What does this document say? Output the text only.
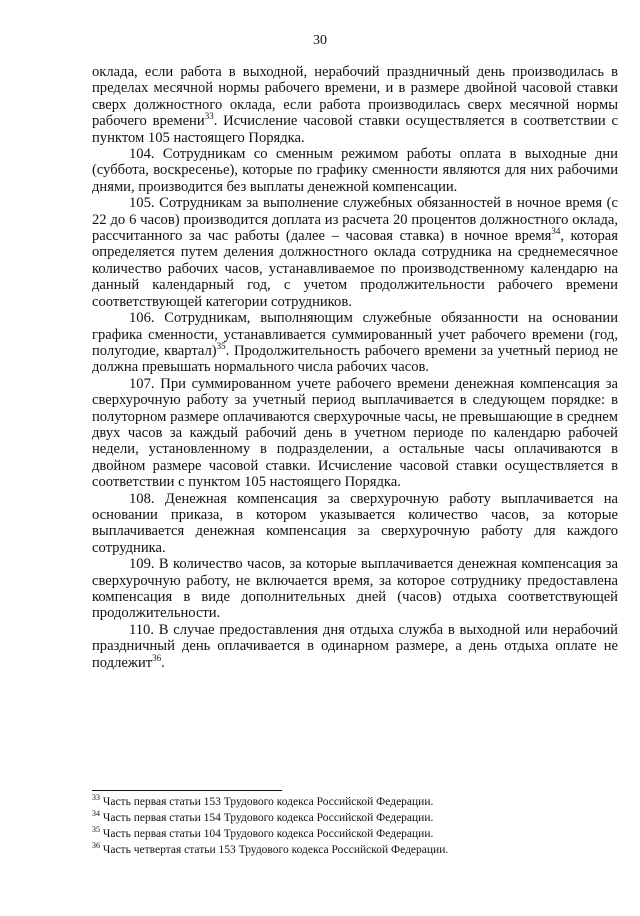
30

оклада, если работа в выходной, нерабочий праздничный день производилась в пределах месячной нормы рабочего времени, и в размере двойной часовой ставки сверх должностного оклада, если работа производилась сверх месячной нормы рабочего времени$^{33}$. Исчисление часовой ставки осуществляется в соответствии с пунктом 105 настоящего Порядка.

104. Сотрудникам со сменным режимом работы оплата в выходные дни (суббота, воскресенье), которые по графику сменности являются для них рабочими днями, производится без выплаты денежной компенсации.

105. Сотрудникам за выполнение служебных обязанностей в ночное время (с 22 до 6 часов) производится доплата из расчета 20 процентов должностного оклада, рассчитанного за час работы (далее – часовая ставка) в ночное время$^{34}$, которая определяется путем деления должностного оклада сотрудника на среднемесячное количество рабочих часов, устанавливаемое по производственному календарю на данный календарный год, с учетом продолжительности рабочего времени соответствующей категории сотрудников.

106. Сотрудникам, выполняющим служебные обязанности на основании графика сменности, устанавливается суммированный учет рабочего времени (год, полугодие, квартал)$^{35}$. Продолжительность рабочего времени за учетный период не должна превышать нормального числа рабочих часов.

107. При суммированном учете рабочего времени денежная компенсация за сверхурочную работу за учетный период выплачивается в следующем порядке: в полуторном размере оплачиваются сверхурочные часы, не превышающие в среднем двух часов за каждый рабочий день в учетном периоде по календарю рабочей недели, установленному в подразделении, а остальные часы оплачиваются в двойном размере часовой ставки. Исчисление часовой ставки осуществляется в соответствии с пунктом 105 настоящего Порядка.

108. Денежная компенсация за сверхурочную работу выплачивается на основании приказа, в котором указывается количество часов, за которые выплачивается денежная компенсация за сверхурочную работу для каждого сотрудника.

109. В количество часов, за которые выплачивается денежная компенсация за сверхурочную работу, не включается время, за которое сотруднику предоставлена компенсация в виде дополнительных дней (часов) отдыха соответствующей продолжительности.

110. В случае предоставления дня отдыха служба в выходной или нерабочий праздничный день оплачивается в одинарном размере, а день отдыха оплате не подлежит$^{36}$.

$^{33}$ Часть первая статьи 153 Трудового кодекса Российской Федерации.
$^{34}$ Часть первая статьи 154 Трудового кодекса Российской Федерации.
$^{35}$ Часть первая статьи 104 Трудового кодекса Российской Федерации.
$^{36}$ Часть четвертая статьи 153 Трудового кодекса Российской Федерации.
